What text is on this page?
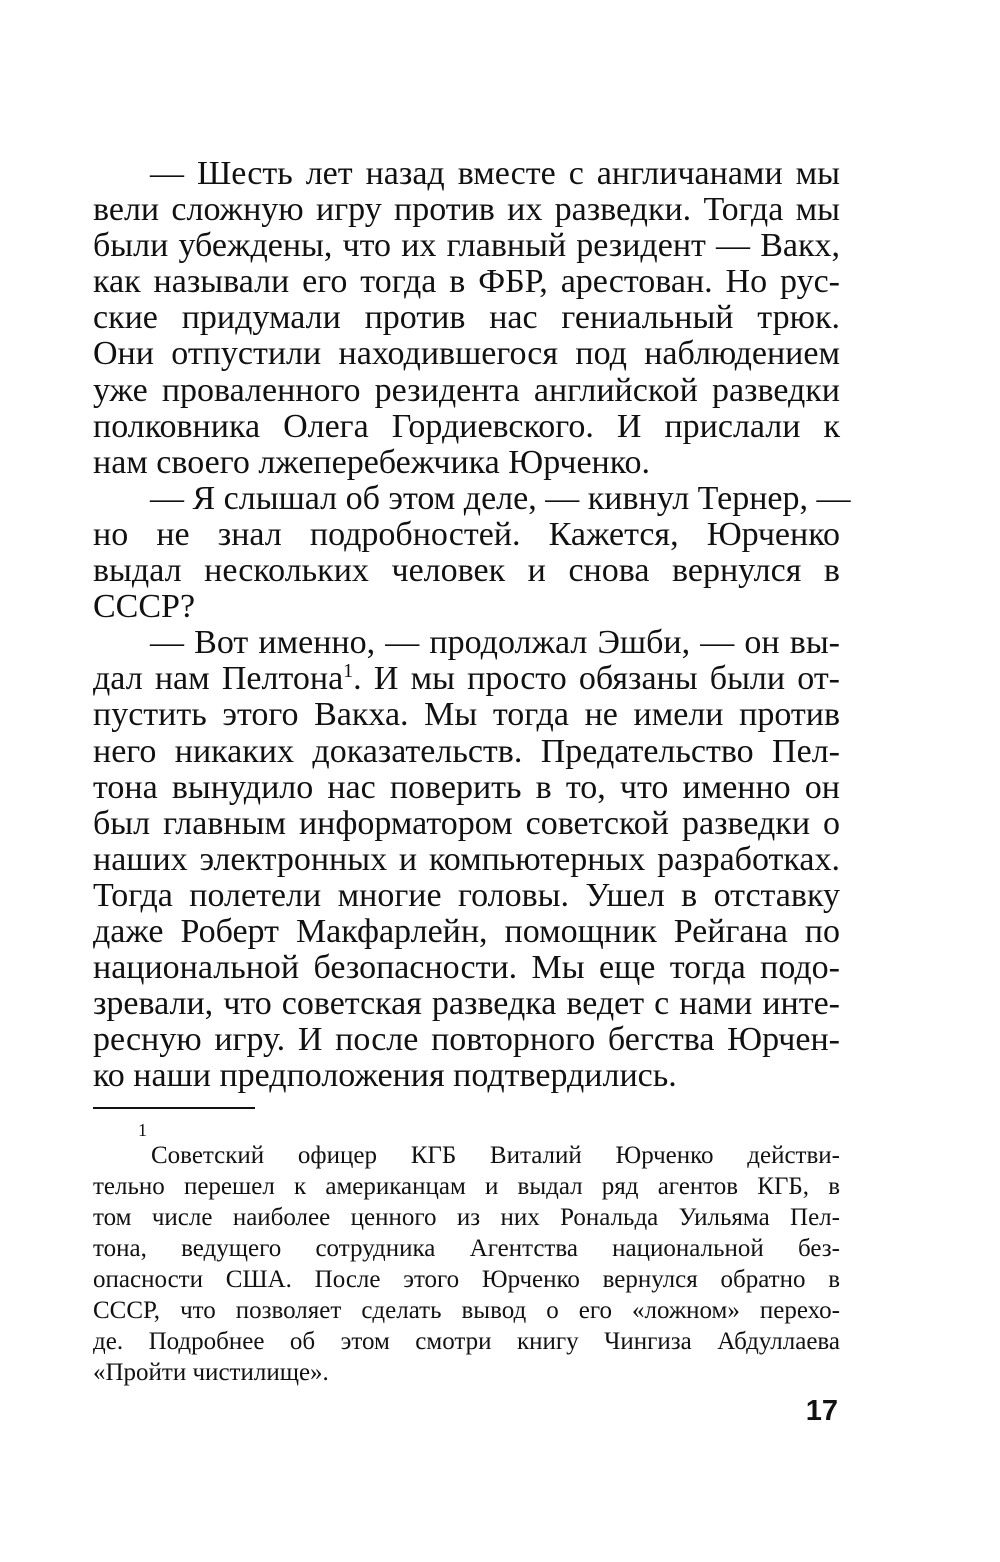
— Шесть лет назад вместе с англичанами мы
вели сложную игру против их разведки. Тогда мы
были убеждены, что их главный резидент — Вакх,
как называли его тогда в ФБР, арестован. Но рус-
ские придумали против нас гениальный трюк.
Они отпустили находившегося под наблюдением
уже проваленного резидента английской разведки
полковника Олега Гордиевского. И прислали к
нам своего лжеперебежчика Юрченко.
— Я слышал об этом деле, — кивнул Тернер, —
но не знал подробностей. Кажется, Юрченко
выдал нескольких человек и снова вернулся в
СССР?
— Вот именно, — продолжал Эшби, — он вы-
дал нам Пелтона$^1$. И мы просто обязаны были от-
пустить этого Вакха. Мы тогда не имели против
него никаких доказательств. Предательство Пел-
тона вынудило нас поверить в то, что именно он
был главным информатором советской разведки о
наших электронных и компьютерных разработках.
Тогда полетели многие головы. Ушел в отставку
даже Роберт Макфарлейн, помощник Рейгана по
национальной безопасности. Мы еще тогда подо-
зревали, что советская разведка ведет с нами инте-
ресную игру. И после повторного бегства Юрчен-
ко наши предположения подтвердились.
1
Советский офицер КГБ Виталий Юрченко действи-
тельно перешел к американцам и выдал ряд агентов КГБ, в
том числе наиболее ценного из них Рональда Уильяма Пел-
тона, ведущего сотрудника Агентства национальной без-
опасности США. После этого Юрченко вернулся обратно в
СССР, что позволяет сделать вывод о его «ложном» перехо-
де. Подробнее об этом смотри книгу Чингиза Абдуллаева
«Пройти чистилище».
17
